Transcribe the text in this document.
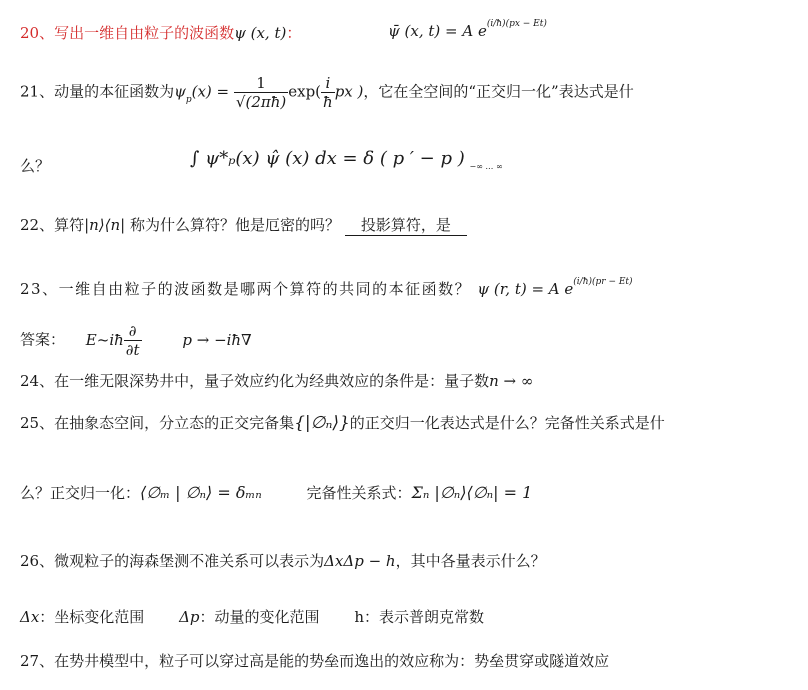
20、写出一维自由粒子的波函数ψ (x, t)：	ψ̄ (x, t) = A $e^{(i/ħ)(px - Et)}$
21、动量的本征函数为$\psi_p(x) = \frac{1}{√(2\pi ħ)} \exp( \frac{i}{ħ}$ px )，它在全空间的“正交归一化”表达式是什
么？	∫ ψ*ₚ(x) ψ̂ (x) dx = δ ( p ′ − p ) $_{-\infty \dots \infty}$
22、算符|n⟩⟨n| 称为什么算符？他是厄密的吗？ 投影算符，是
23、一维自由粒子的波函数是哪两个算符的共同的本征函数？ ψ (r, t) = A $e^{(i/ħ)(pr - Et)}$
答案： E~iħ $\frac{\partial}{\partial t}$	p → −iħ∇
24、在一维无限深势井中，量子效应约化为经典效应的条件是：量子数n → ∞
25、在抽象态空间，分立态的正交完备集{|∅ₙ⟩}的正交归一化表达式是什么？完备性关系式是什
么？正交归一化：⟨∅ₘ | ∅ₙ⟩ = δₘₙ	完备性关系式：Σₙ |∅ₙ⟩⟨∅ₙ| = 1
26、微观粒子的海森堡测不准关系可以表示为ΔxΔp − h，其中各量表示什么？
Δx：坐标变化范围 Δp：动量的变化范围 h：表示普朗克常数
27、在势井模型中，粒子可以穿过高是能的势垒而逸出的效应称为：势垒贯穿或隧道效应
